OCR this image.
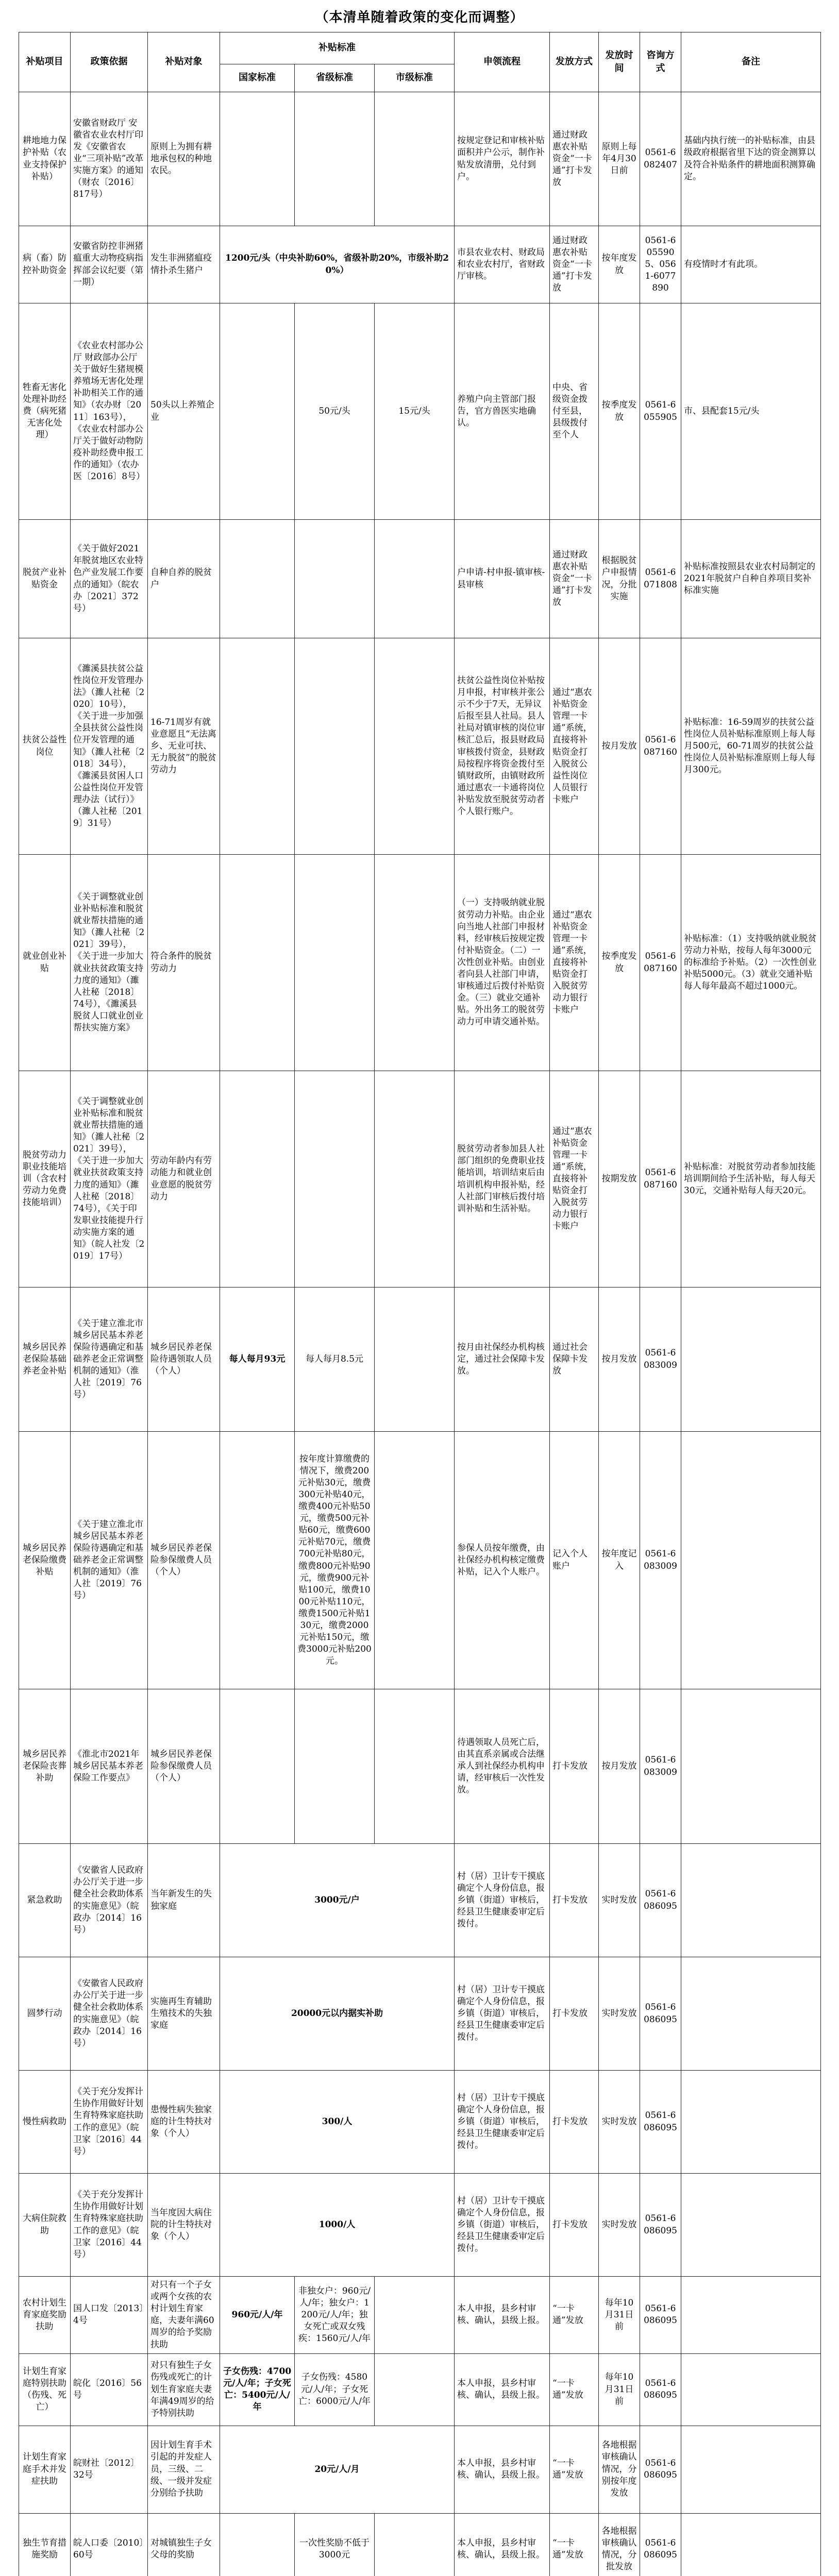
（本清单随着政策的变化而调整）
补贴项目	政策依据	补贴对象	补贴标准			申领流程	发放方式	发放时间	咨询方式	备注
			国家标准	省级标准	市级标准					
耕地地力保护补贴（农业支持保护补贴）	安徽省财政厅 安徽省农业农村厅印发《安徽省农业“三项补贴”改革实施方案》的通知（财农〔2016〕817号）	原则上为拥有耕地承包权的种地农民。				按规定登记和审核补贴面积并户公示，制作补贴发放清册，兑付到户。	通过财政惠农补贴资金“一卡通”打卡发放	原则上每年4月30日前	0561-6082407	基础内执行统一的补贴标准，由县级政府根据省里下达的资金测算以及符合补贴条件的耕地面积测算确定。
病（畜）防控补助资金	安徽省防控非洲猪瘟重大动物疫病指挥部会议纪要（第一期）	发生非洲猪瘟疫情扑杀生猪户	1200元/头（中央补助60%，省级补助20%，市级补助20%）			市县农业农村、财政局和农业农村厅，省财政厅审核。	通过财政惠农补贴资金“一卡通”打卡发放	按年度发放	0561-6055905、0561-6077890	有疫情时才有此项。
牲畜无害化处理补助经费（病死猪无害化处理）	《农业农村部办公厅 财政部办公厅关于做好生猪规模养殖场无害化处理补助相关工作的通知》（农办财〔2011〕163号），《农业农村部办公厅关于做好动物防疫补助经费申报工作的通知》（农办医〔2016〕8号）	50头以上养殖企业		50元/头	15元/头	养殖户向主管部门报告，官方兽医实地确认。	中央、省级资金拨付至县，县级拨付至个人	按季度发放	0561-6055905	市、县配套15元/头
脱贫产业补贴资金	《关于做好2021年脱贫地区农业特色产业发展工作要点的通知》（皖农办〔2021〕372号）	自种自养的脱贫户				户申请-村申报-镇审核-县审核	通过财政惠农补贴资金“一卡通”打卡发放	根据脱贫户申报情况，分批实施	0561-6071808	补贴标准按照县农业农村局制定的2021年脱贫户自种自养项目奖补标准实施
扶贫公益性岗位	《濉溪县扶贫公益性岗位开发管理办法》（濉人社秘〔2020〕10号），《关于进一步加强全县扶贫公益性岗位开发管理的通知》（濉人社秘〔2018〕34号），《濉溪县贫困人口公益性岗位开发管理办法（试行）》（濉人社秘〔2019〕31号）	16-71周岁有就业意愿且“无法离乡、无业可扶、无力脱贫”的脱贫劳动力				扶贫公益性岗位补贴按月申报，村审核并张公示不少于7天，无异议后报至县人社局。县人社局对镇审核的岗位审核汇总后，报县财政局审核拨付资金，县财政局按程序将资金拨付至镇财政所，由镇财政所通过惠农一卡通将岗位补贴发放至脱贫劳动者个人银行账户。	通过“惠农补贴资金管理一卡通”系统，直接将补贴资金打入脱贫公益性岗位人员银行卡账户	按月发放	0561-6087160	补贴标准：16-59周岁的扶贫公益性岗位人员补贴标准原则上每人每月500元，60-71周岁的扶贫公益性岗位人员补贴标准原则上每人每月300元。
就业创业补贴	《关于调整就业创业补贴标准和脱贫就业帮扶措施的通知》（濉人社秘〔2021〕39号），《关于进一步加大就业扶贫政策支持力度的通知》（濉人社秘〔2018〕74号），《濉溪县脱贫人口就业创业帮扶实施方案》	符合条件的脱贫劳动力				（一）支持吸纳就业脱贫劳动力补贴。由企业向当地人社部门申报材料，经审核后按规定拨付补贴资金。（二）一次性创业补贴。由创业者向县人社部门申请，审核通过后拨付补贴资金。（三）就业交通补贴。外出务工的脱贫劳动力可申请交通补贴。	通过“惠农补贴资金管理一卡通”系统，直接将补贴资金打入脱贫劳动力银行卡账户	按季度发放	0561-6087160	补贴标准：（1）支持吸纳就业脱贫劳动力补贴，按每人每年3000元的标准给予补贴。（2）一次性创业补贴5000元。（3）就业交通补贴每人每年最高不超过1000元。
脱贫劳动力职业技能培训（含农村劳动力免费技能培训）	《关于调整就业创业补贴标准和脱贫就业帮扶措施的通知》（濉人社秘〔2021〕39号），《关于进一步加大就业扶贫政策支持力度的通知》（濉人社秘〔2018〕74号），《关于印发职业技能提升行动实施方案的通知》（皖人社发〔2019〕17号）	劳动年龄内有劳动能力和就业创业意愿的脱贫劳动力				脱贫劳动者参加县人社部门组织的免费职业技能培训，培训结束后由培训机构申报补贴，经人社部门审核后拨付培训补贴和生活补贴。	通过“惠农补贴资金管理一卡通”系统，直接将补贴资金打入脱贫劳动力银行卡账户	按期发放	0561-6087160	补贴标准：对脱贫劳动者参加技能培训期间给予生活补贴，每人每天30元，交通补贴每人每天20元。
城乡居民养老保险基础养老金补贴	《关于建立淮北市城乡居民基本养老保险待遇确定和基础养老金正常调整机制的通知》（淮人社〔2019〕76号）	城乡居民养老保险待遇领取人员（个人）	每人每月93元	每人每月8.5元		按月由社保经办机构核定，通过社会保障卡发放。	通过社会保障卡发放	按月发放	0561-6083009	
城乡居民养老保险缴费补贴	《关于建立淮北市城乡居民基本养老保险待遇确定和基础养老金正常调整机制的通知》（淮人社〔2019〕76号）	城乡居民养老保险参保缴费人员（个人）		按年度计算缴费的情况下，缴费200元补贴30元，缴费300元补贴40元，缴费400元补贴50元，缴费500元补贴60元，缴费600元补贴70元，缴费700元补贴80元，缴费800元补贴90元，缴费900元补贴100元，缴费1000元补贴110元，缴费1500元补贴130元，缴费2000元补贴150元，缴费3000元补贴200元。		参保人员按年缴费，由社保经办机构核定缴费补贴，记入个人账户。	记入个人账户	按年度记入	0561-6083009	
城乡居民养老保险丧葬补助	《淮北市2021年城乡居民基本养老保险工作要点》	城乡居民养老保险参保缴费人员（个人）				待遇领取人员死亡后，由其直系亲属或合法继承人到社保经办机构申请，经审核后一次性发放。	打卡发放	按月发放	0561-6083009	
紧急救助	《安徽省人民政府办公厅关于进一步健全社会救助体系的实施意见》（皖政办〔2014〕16号）	当年新发生的失独家庭	3000元/户			村（居）卫计专干摸底确定个人身份信息，报乡镇（街道）审核后，经县卫生健康委审定后拨付。	打卡发放	实时发放	0561-6086095	
圆梦行动	《安徽省人民政府办公厅关于进一步健全社会救助体系的实施意见》（皖政办〔2014〕16号）	实施再生育辅助生殖技术的失独家庭	20000元以内据实补助			村（居）卫计专干摸底确定个人身份信息，报乡镇（街道）审核后，经县卫生健康委审定后拨付。	打卡发放	实时发放	0561-6086095	
慢性病救助	《关于充分发挥计生协作用做好计划生育特殊家庭扶助工作的意见》（皖卫家〔2016〕44号）	患慢性病失独家庭的计生特扶对象（个人）	300/人			村（居）卫计专干摸底确定个人身份信息，报乡镇（街道）审核后，经县卫生健康委审定后拨付。	打卡发放	实时发放	0561-6086095	
大病住院救助	《关于充分发挥计生协作用做好计划生育特殊家庭扶助工作的意见》（皖卫家〔2016〕44号）	当年度因大病住院的计生特扶对象（个人）	1000/人			村（居）卫计专干摸底确定个人身份信息，报乡镇（街道）审核后，经县卫生健康委审定后拨付。	打卡发放	实时发放	0561-6086095	
农村计划生育家庭奖励扶助	国人口发〔2013〕4号	对只有一个子女或两个女孩的农村计划生育家庭，夫妻年满60周岁的给予奖励扶助	960元/人/年	非独女户：960元/人/年；独女户：1200元/人/年；独女死亡或双女残疾：1560元/人/年		本人申报，县乡村审核、确认，县级上报。	“一卡通”发放	每年10月31日前	0561-6086095	
计划生育家庭特别扶助（伤残、死亡）	皖化〔2016〕56号	对只有独生子女伤残或死亡的计划生育家庭夫妻年满49周岁的给予特别扶助	子女伤残：4700元/人/年；子女死亡：5400元/人/年	子女伤残：4580元/人/年；子女死亡：6000元/人/年		本人申报，县乡村审核、确认，县级上报。	“一卡通”发放	每年10月31日前	0561-6086095	
计划生育家庭手术并发症扶助	皖财社〔2012〕32号	因计划生育手术引起的并发症人员，三级、二级、一级并发症分别给予扶助	20元/人/月			本人申报，县乡村审核、确认，县级上报。	“一卡通”发放	各地根据审核确认情况，分别按年度发放	0561-6086095	
独生节育措施奖励	皖人口委〔2010〕60号	对城镇独生子女父母的奖励		一次性奖励不低于3000元		本人申报，县乡村审核、确认，县级上报。	“一卡通”发放	各地根据审核确认情况，分批发放	0561-6086095	
